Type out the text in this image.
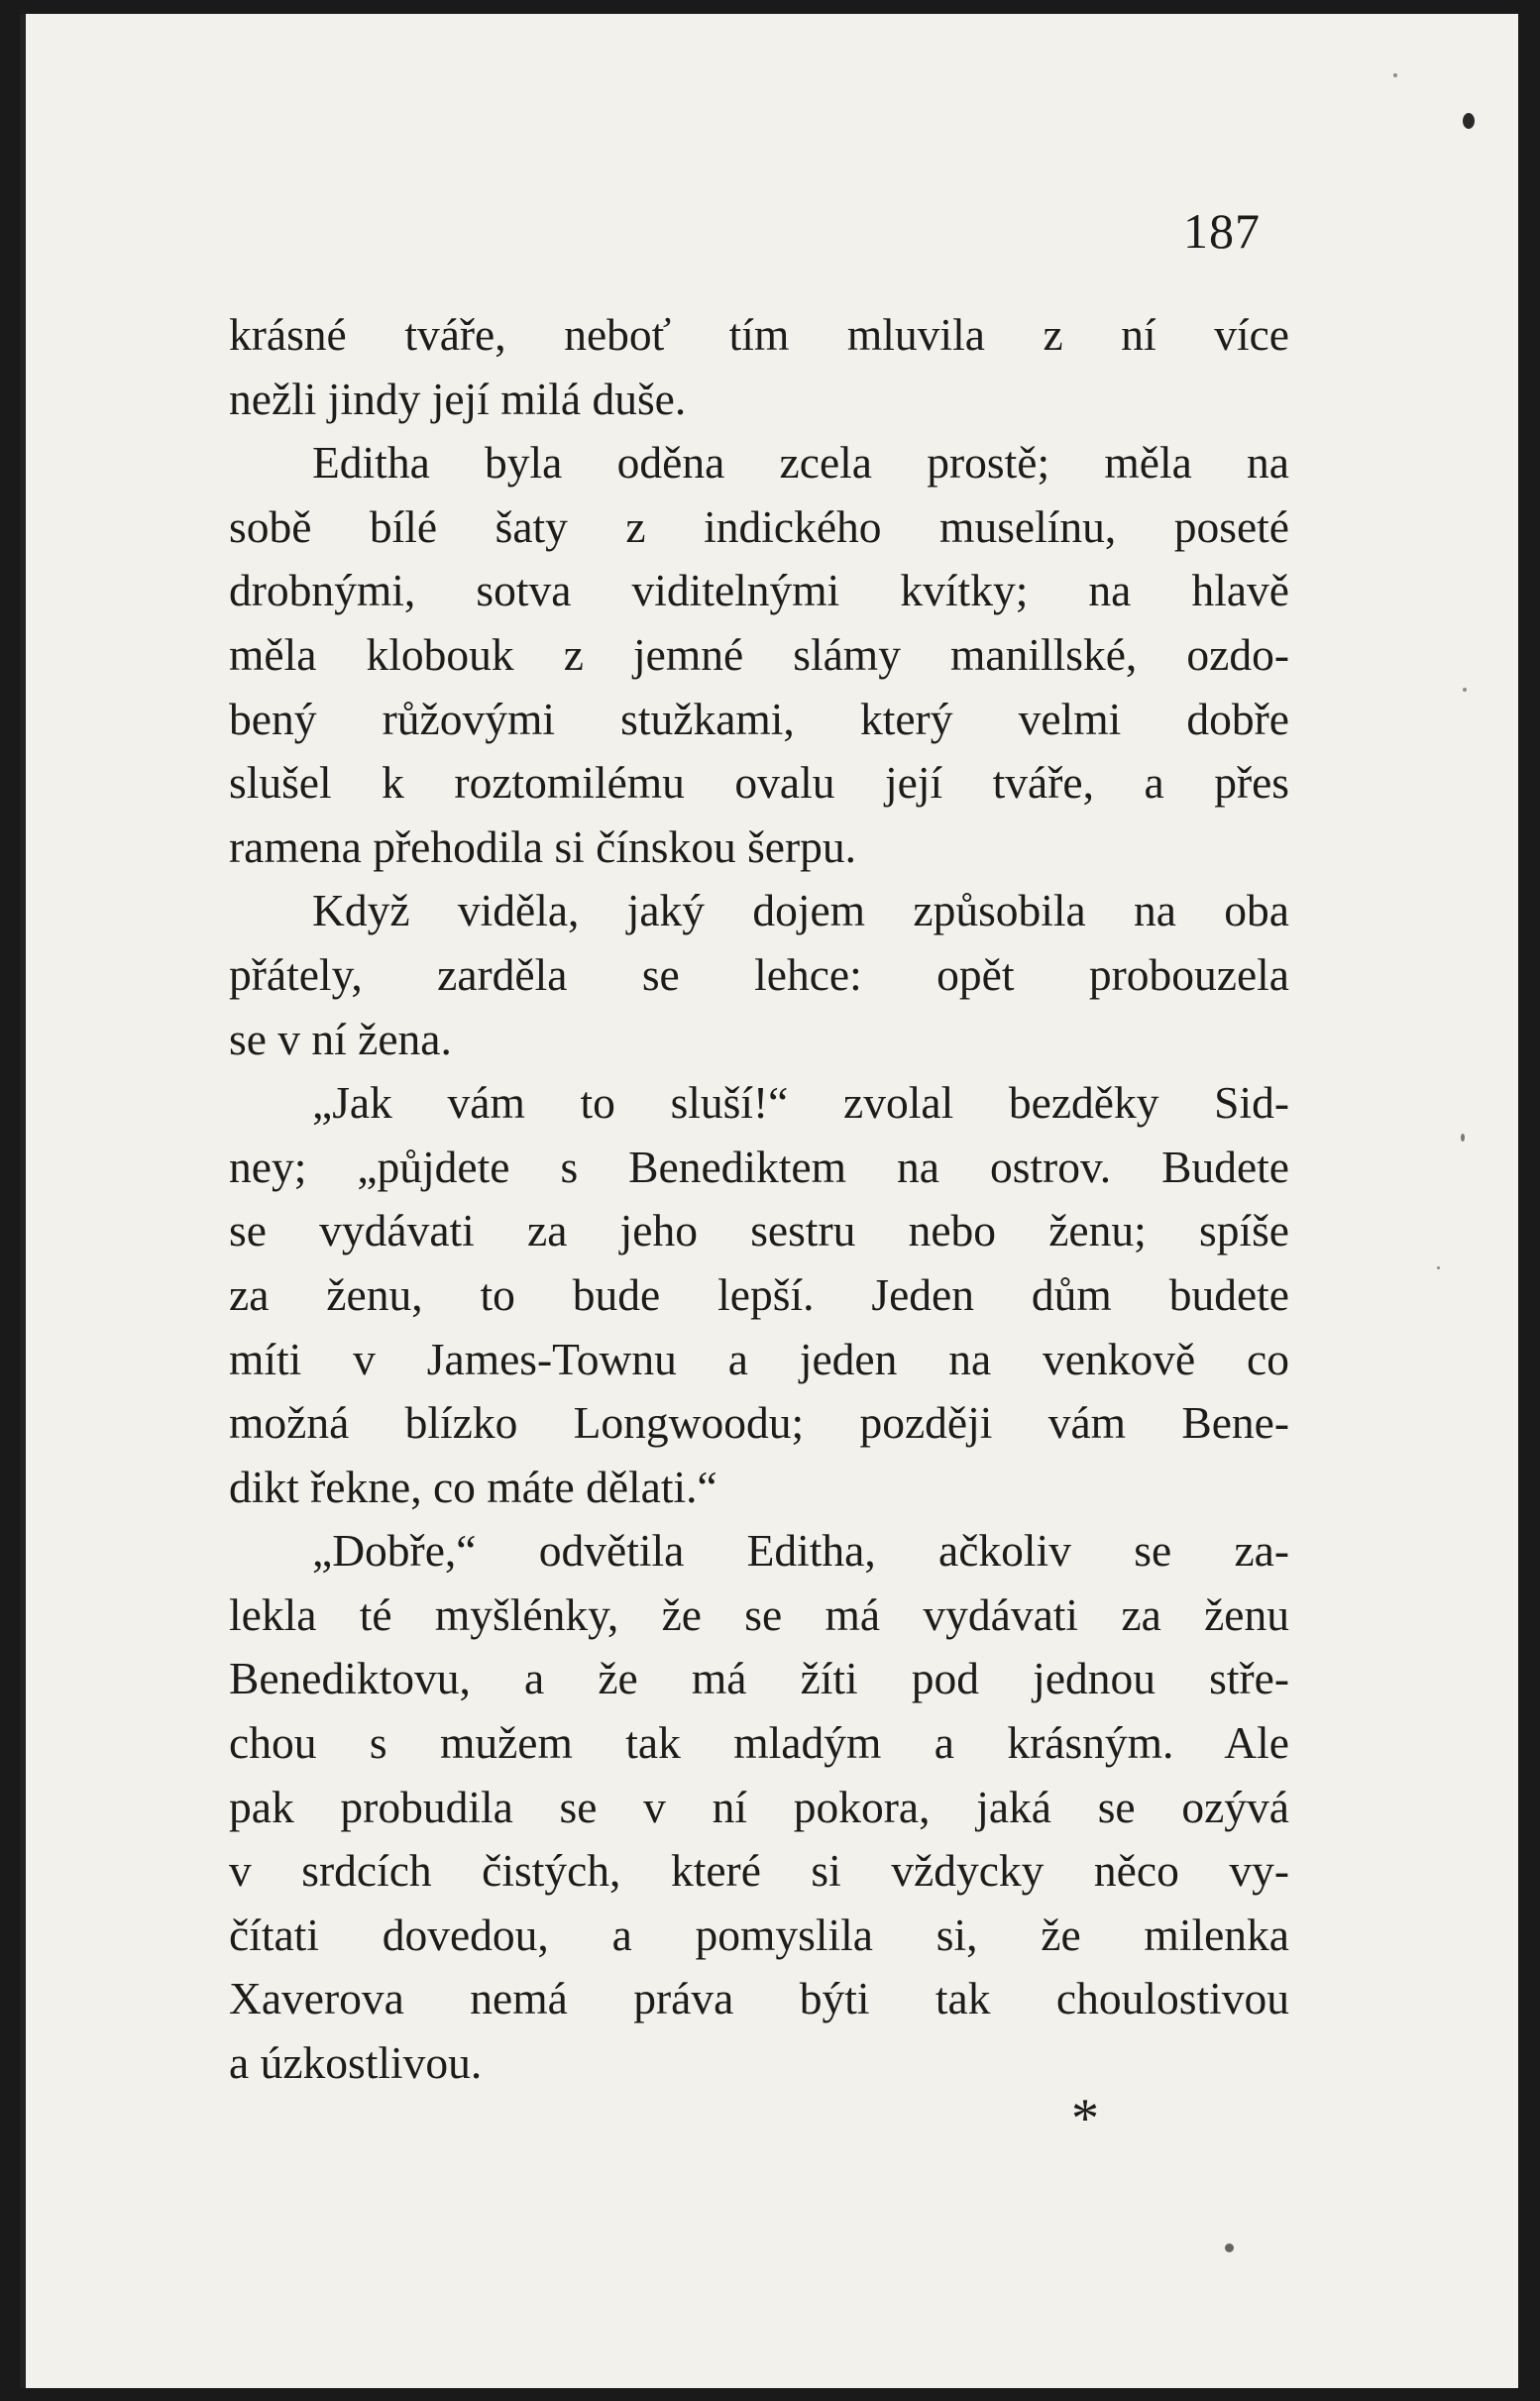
187

krásné tváře, neboť tím mluvila z ní více
nežli jindy její milá duše.

Editha byla oděna zcela prostě; měla na
sobě bílé šaty z indického muselínu, poseté
drobnými, sotva viditelnými kvítky; na hlavě
měla klobouk z jemné slámy manillské, ozdo-
bený růžovými stužkami, který velmi dobře
slušel k roztomilému ovalu její tváře, a přes
ramena přehodila si čínskou šerpu.

Když viděla, jaký dojem způsobila na oba
přátely, zarděla se lehce: opět probouzela
se v ní žena.

„Jak vám to sluší!“ zvolal bezděky Sid-
ney; „půjdete s Benediktem na ostrov. Budete
se vydávati za jeho sestru nebo ženu; spíše
za ženu, to bude lepší. Jeden dům budete
míti v James-Townu a jeden na venkově co
možná blízko Longwoodu; později vám Bene-
dikt řekne, co máte dělati.“

„Dobře,“ odvětila Editha, ačkoliv se za-
lekla té myšlénky, že se má vydávati za ženu
Benediktovu, a že má žíti pod jednou stře-
chou s mužem tak mladým a krásným. Ale
pak probudila se v ní pokora, jaká se ozývá
v srdcích čistých, které si vždycky něco vy-
čítati dovedou, a pomyslila si, že milenka
Xaverova nemá práva býti tak choulostivou
a úzkostlivou.

*
